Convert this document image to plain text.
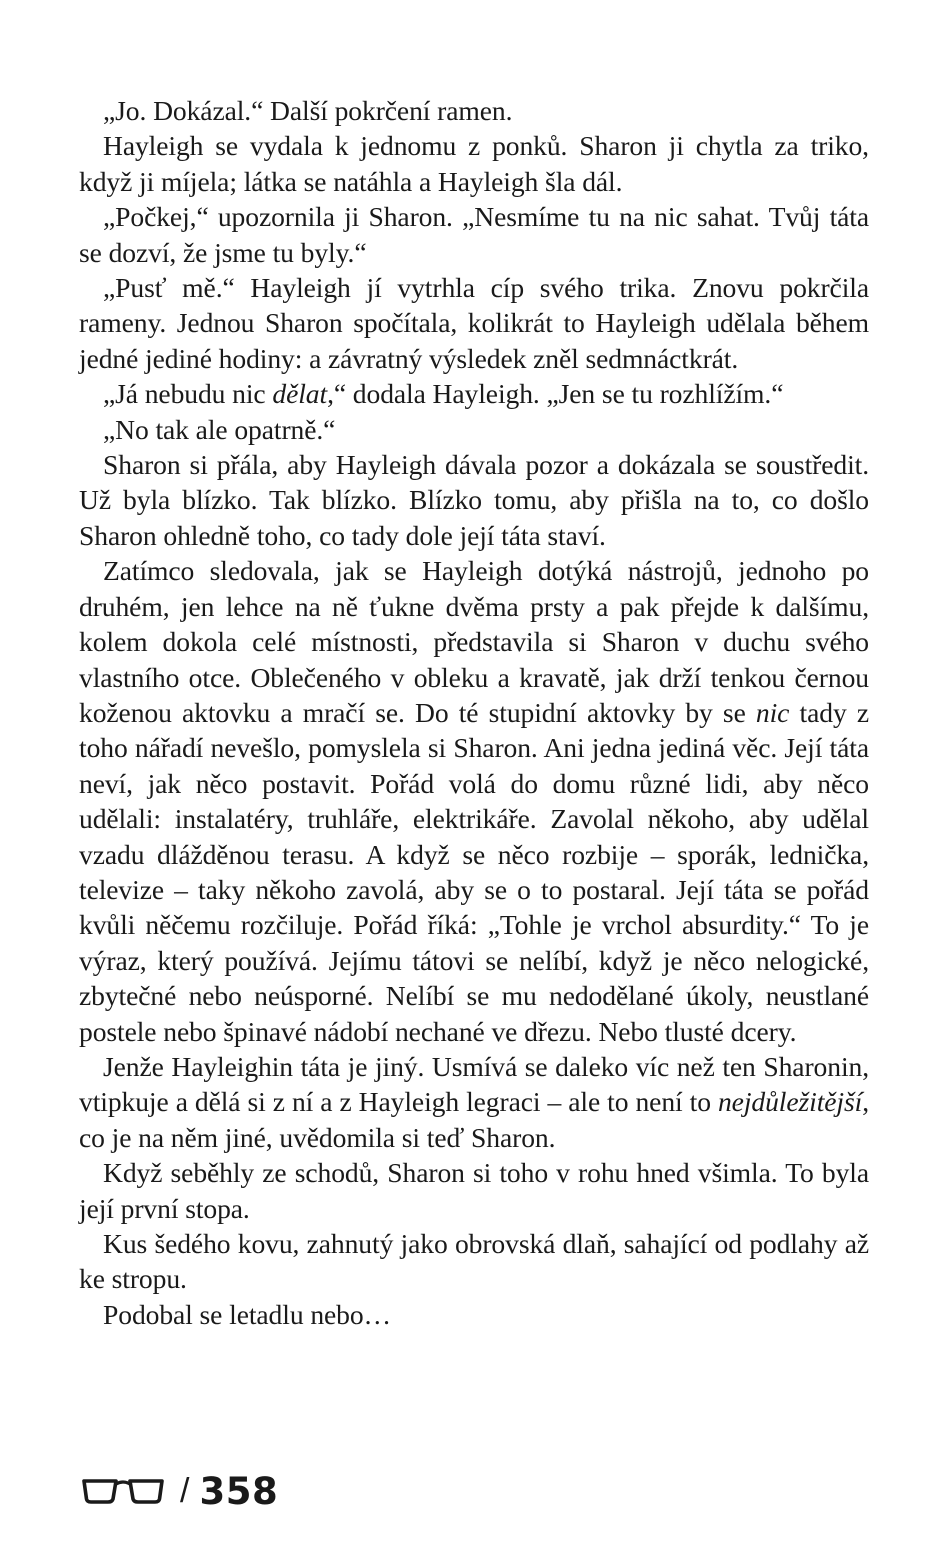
„Jo. Dokázal.“ Další pokrčení ramen.

Hayleigh se vydala k jednomu z ponků. Sharon ji chytla za triko, když ji míjela; látka se natáhla a Hayleigh šla dál.

„Počkej,“ upozornila ji Sharon. „Nesmíme tu na nic sahat. Tvůj táta se dozví, že jsme tu byly.“

„Pusť mě.“ Hayleigh jí vytrhla cíp svého trika. Znovu pokrčila rameny. Jednou Sharon spočítala, kolikrát to Hayleigh udělala během jedné jediné hodiny: a závratný výsledek zněl sedmnáctkrát.

„Já nebudu nic dělat,“ dodala Hayleigh. „Jen se tu rozhlížím.“

„No tak ale opatrně.“

Sharon si přála, aby Hayleigh dávala pozor a dokázala se soustředit. Už byla blízko. Tak blízko. Blízko tomu, aby přišla na to, co došlo Sharon ohledně toho, co tady dole její táta staví.

Zatímco sledovala, jak se Hayleigh dotýká nástrojů, jednoho po druhém, jen lehce na ně ťukne dvěma prsty a pak přejde k dalšímu, kolem dokola celé místnosti, představila si Sharon v duchu svého vlastního otce. Oblečeného v obleku a kravatě, jak drží tenkou černou koženou aktovku a mračí se. Do té stupidní aktovky by se nic tady z toho nářadí nevešlo, pomyslela si Sharon. Ani jedna jediná věc. Její táta neví, jak něco postavit. Pořád volá do domu různé lidi, aby něco udělali: instalatéry, truhláře, elektrikáře. Zavolal někoho, aby udělal vzadu dlážděnou terasu. A když se něco rozbije – sporák, lednička, televize – taky někoho zavolá, aby se o to postaral. Její táta se pořád kvůli něčemu rozčiluje. Pořád říká: „Tohle je vrchol absurdity.“ To je výraz, který používá. Jejímu tátovi se nelíbí, když je něco nelogické, zbytečné nebo neúsporné. Nelíbí se mu nedodělané úkoly, neustlané postele nebo špinavé nádobí nechané ve dřezu. Nebo tlusté dcery.

Jenže Hayleighin táta je jiný. Usmívá se daleko víc než ten Sharonin, vtipkuje a dělá si z ní a z Hayleigh legraci – ale to není to nejdůležitější, co je na něm jiné, uvědomila si teď Sharon.

Když seběhly ze schodů, Sharon si toho v rohu hned všimla. To byla její první stopa.

Kus šedého kovu, zahnutý jako obrovská dlaň, sahající od podlahy až ke stropu.

Podobal se letadlu nebo…

/ 358
